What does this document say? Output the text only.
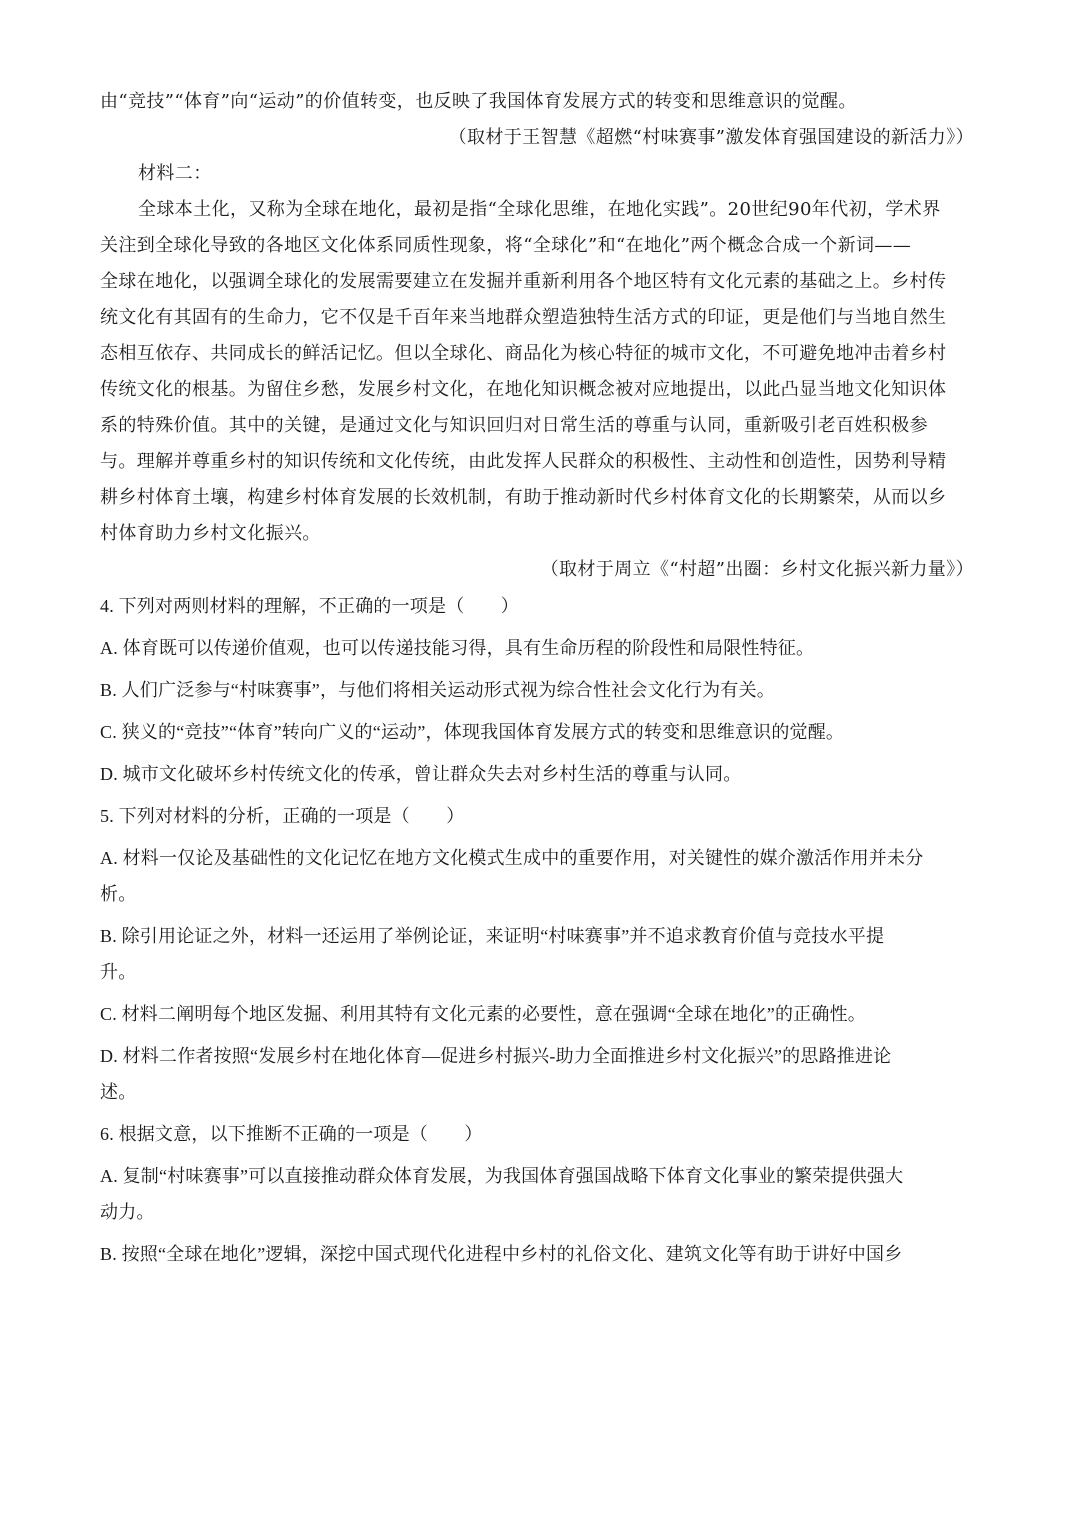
由“竞技”“体育”向“运动”的价值转变，也反映了我国体育发展方式的转变和思维意识的觉醒。
（取材于王智慧《超燃“村味赛事”激发体育强国建设的新活力》）
材料二：
全球本土化，又称为全球在地化，最初是指“全球化思维，在地化实践”。20世纪90年代初，学术界
关注到全球化导致的各地区文化体系同质性现象，将“全球化”和“在地化”两个概念合成一个新词——
全球在地化，以强调全球化的发展需要建立在发掘并重新利用各个地区特有文化元素的基础之上。乡村传
统文化有其固有的生命力，它不仅是千百年来当地群众塑造独特生活方式的印证，更是他们与当地自然生
态相互依存、共同成长的鲜活记忆。但以全球化、商品化为核心特征的城市文化，不可避免地冲击着乡村
传统文化的根基。为留住乡愁，发展乡村文化，在地化知识概念被对应地提出，以此凸显当地文化知识体
系的特殊价值。其中的关键，是通过文化与知识回归对日常生活的尊重与认同，重新吸引老百姓积极参
与。理解并尊重乡村的知识传统和文化传统，由此发挥人民群众的积极性、主动性和创造性，因势利导精
耕乡村体育土壤，构建乡村体育发展的长效机制，有助于推动新时代乡村体育文化的长期繁荣，从而以乡
村体育助力乡村文化振兴。
（取材于周立《“村超”出圈：乡村文化振兴新力量》）
4. 下列对两则材料的理解，不正确的一项是（　　）
A. 体育既可以传递价值观，也可以传递技能习得，具有生命历程的阶段性和局限性特征。
B. 人们广泛参与“村味赛事”，与他们将相关运动形式视为综合性社会文化行为有关。
C. 狭义的“竞技”“体育”转向广义的“运动”，体现我国体育发展方式的转变和思维意识的觉醒。
D. 城市文化破坏乡村传统文化的传承，曾让群众失去对乡村生活的尊重与认同。
5. 下列对材料的分析，正确的一项是（　　）
A. 材料一仅论及基础性的文化记忆在地方文化模式生成中的重要作用，对关键性的媒介激活作用并未分
析。
B. 除引用论证之外，材料一还运用了举例论证，来证明“村味赛事”并不追求教育价值与竞技水平提
升。
C. 材料二阐明每个地区发掘、利用其特有文化元素的必要性，意在强调“全球在地化”的正确性。
D. 材料二作者按照“发展乡村在地化体育—促进乡村振兴-助力全面推进乡村文化振兴”的思路推进论
述。
6. 根据文意，以下推断不正确的一项是（　　）
A. 复制“村味赛事”可以直接推动群众体育发展，为我国体育强国战略下体育文化事业的繁荣提供强大
动力。
B. 按照“全球在地化”逻辑，深挖中国式现代化进程中乡村的礼俗文化、建筑文化等有助于讲好中国乡
